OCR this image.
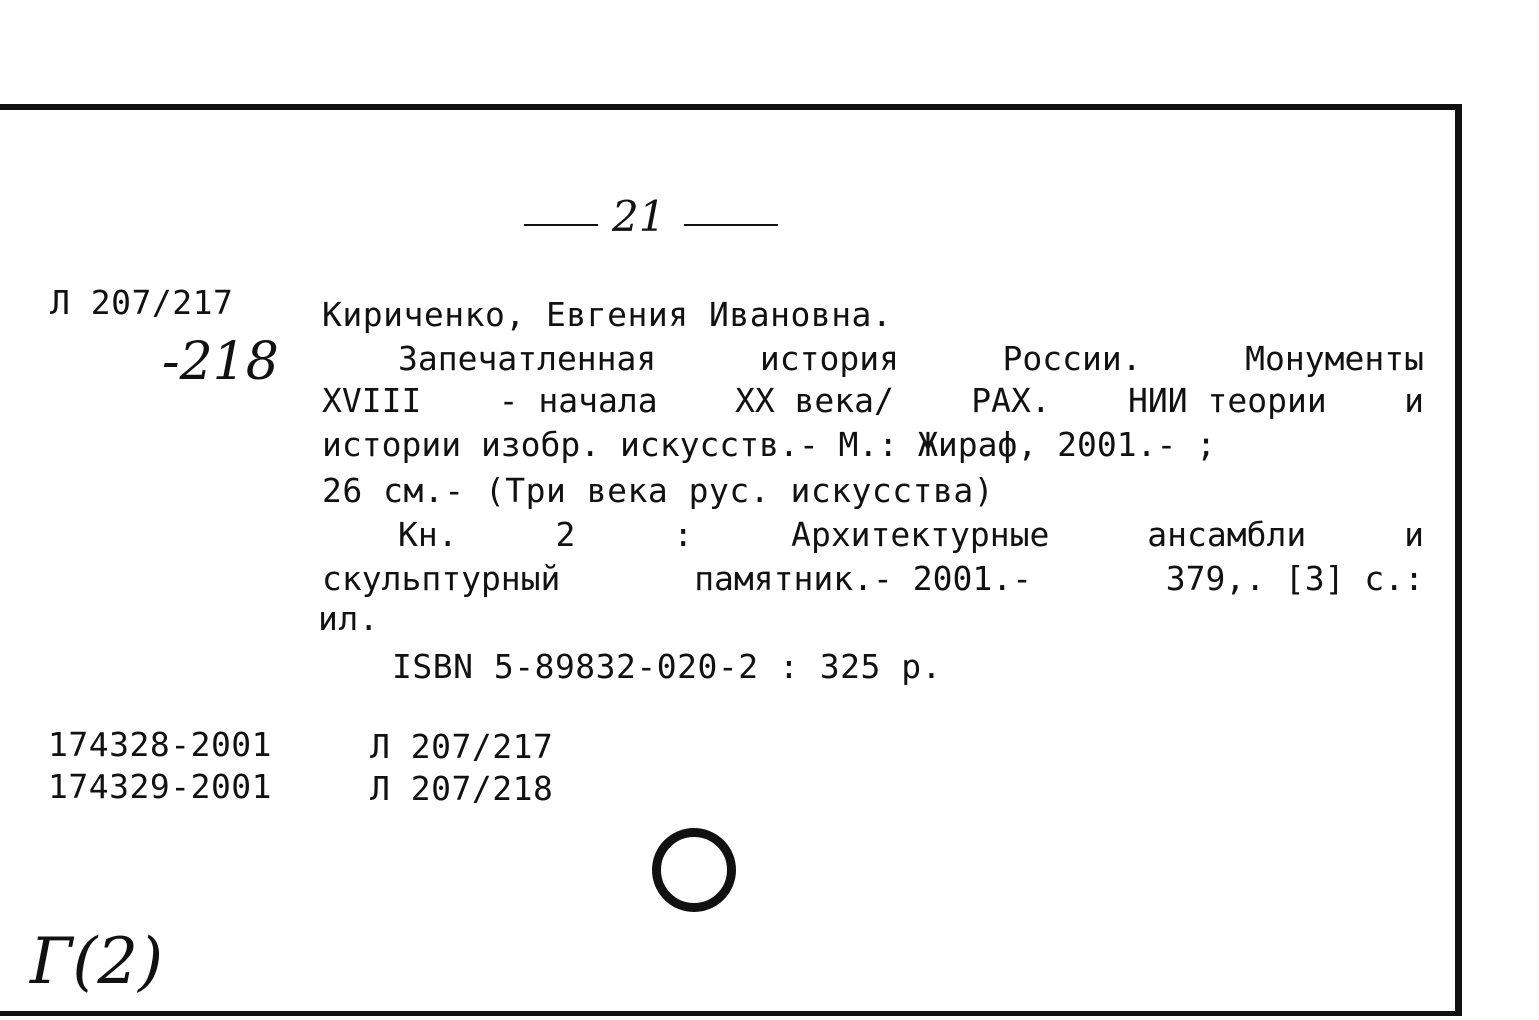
21
Л 207/217
-218
Кириченко, Евгения Ивановна.
Запечатленная	история	России.	Монументы
XVIII - начала XX века/ РАХ. НИИ теории и
истории изобр. искусств.- М.: Жираф, 2001.- ;
26 см.- (Три века рус. искусства)
Кн.	2	:	Архитектурные	ансамбли	и
скульптурный	памятник.- 2001.-	379,. [3] с.:
ил.
ISBN 5-89832-020-2 : 325 р.
174328-2001	Л 207/217
174329-2001	Л 207/218
Г(2)
